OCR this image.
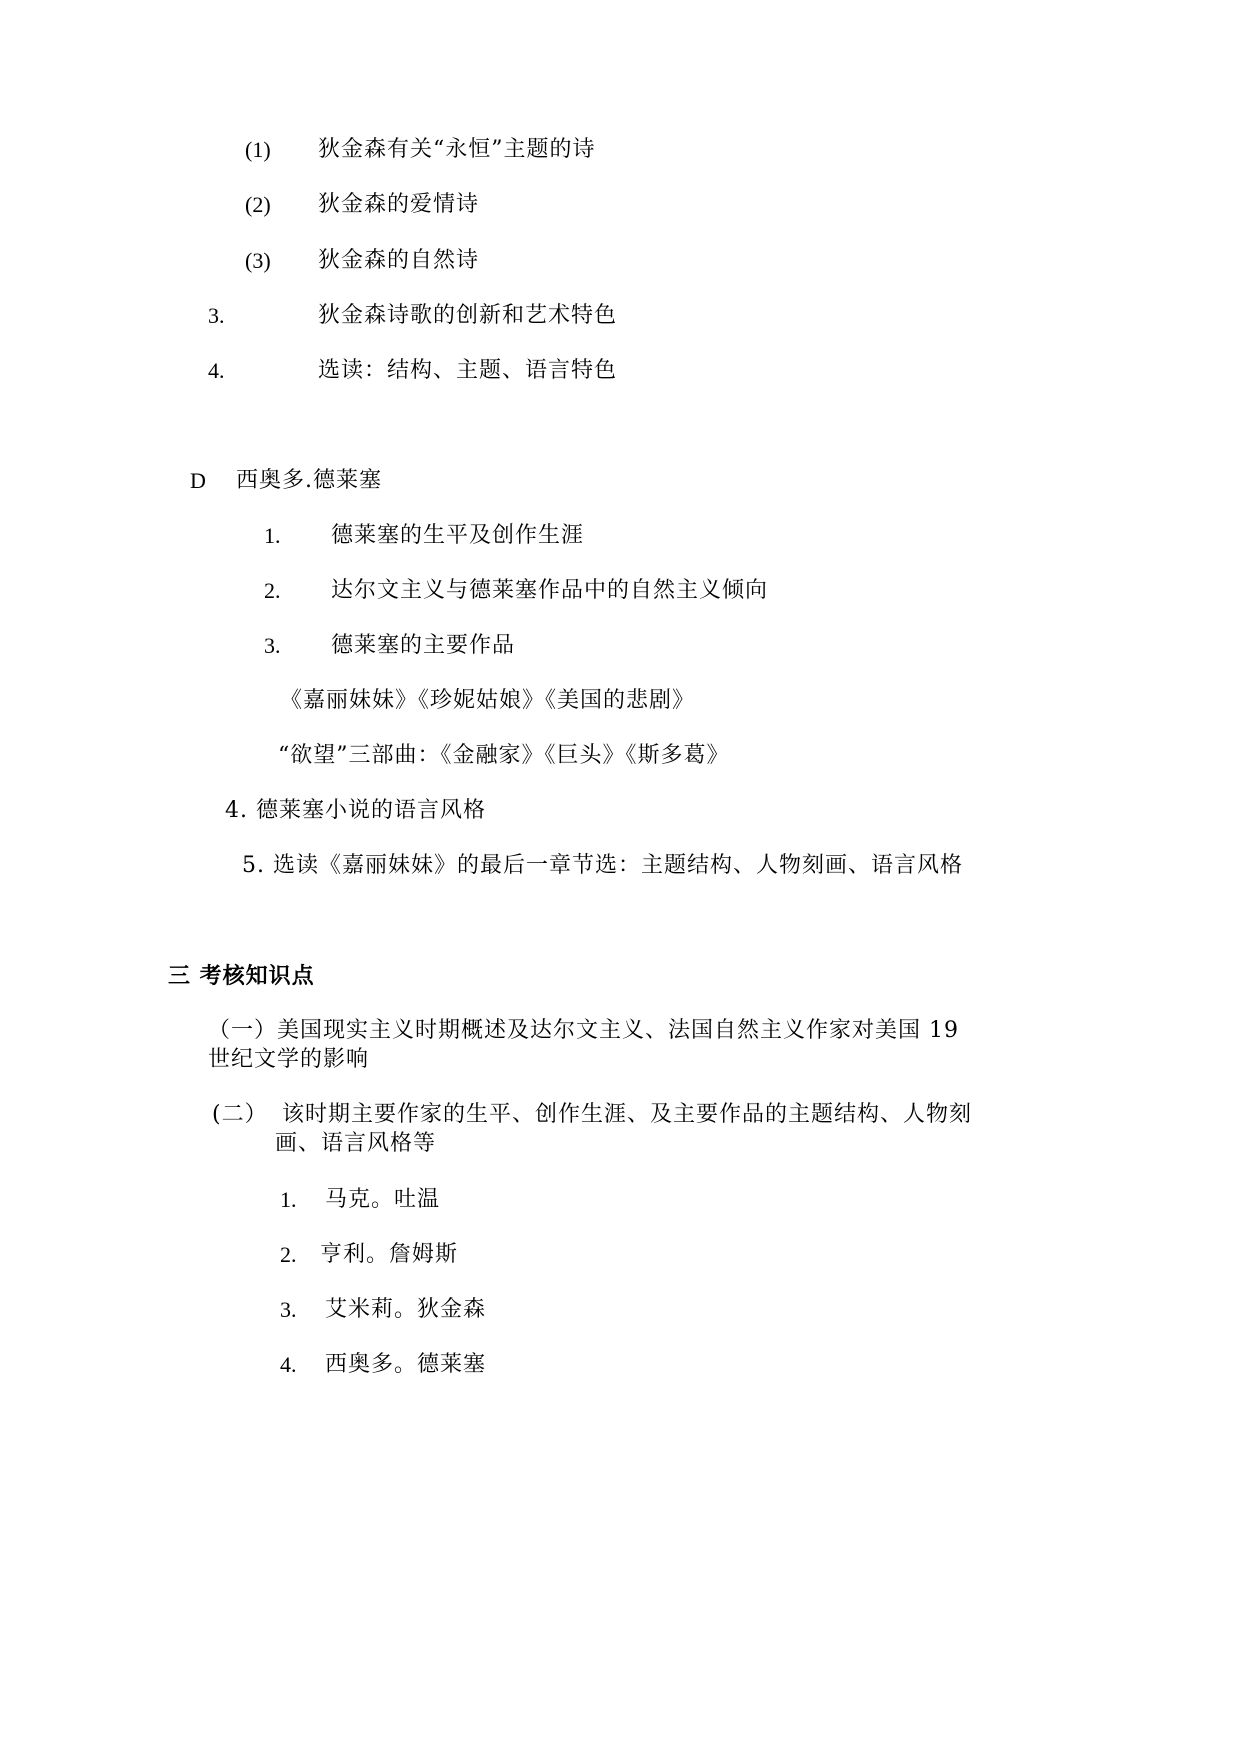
(1) 狄金森有关“永恒”主题的诗
(2) 狄金森的爱情诗
(3) 狄金森的自然诗
3.	狄金森诗歌的创新和艺术特色
4.	选读：结构、主题、语言特色
D 西奥多.德莱塞
1. 德莱塞的生平及创作生涯
2. 达尔文主义与德莱塞作品中的自然主义倾向
3. 德莱塞的主要作品
《嘉丽妹妹》《珍妮姑娘》《美国的悲剧》
“欲望”三部曲：《金融家》《巨头》《斯多葛》
4. 德莱塞小说的语言风格
5. 选读《嘉丽妹妹》的最后一章节选：主题结构、人物刻画、语言风格
三 考核知识点
（一）美国现实主义时期概述及达尔文主义、法国自然主义作家对美国 19
世纪文学的影响
(二） 该时期主要作家的生平、创作生涯、及主要作品的主题结构、人物刻
画、语言风格等
1. 马克。吐温
2. 亨利。詹姆斯
3. 艾米莉。狄金森
4. 西奥多。德莱塞
